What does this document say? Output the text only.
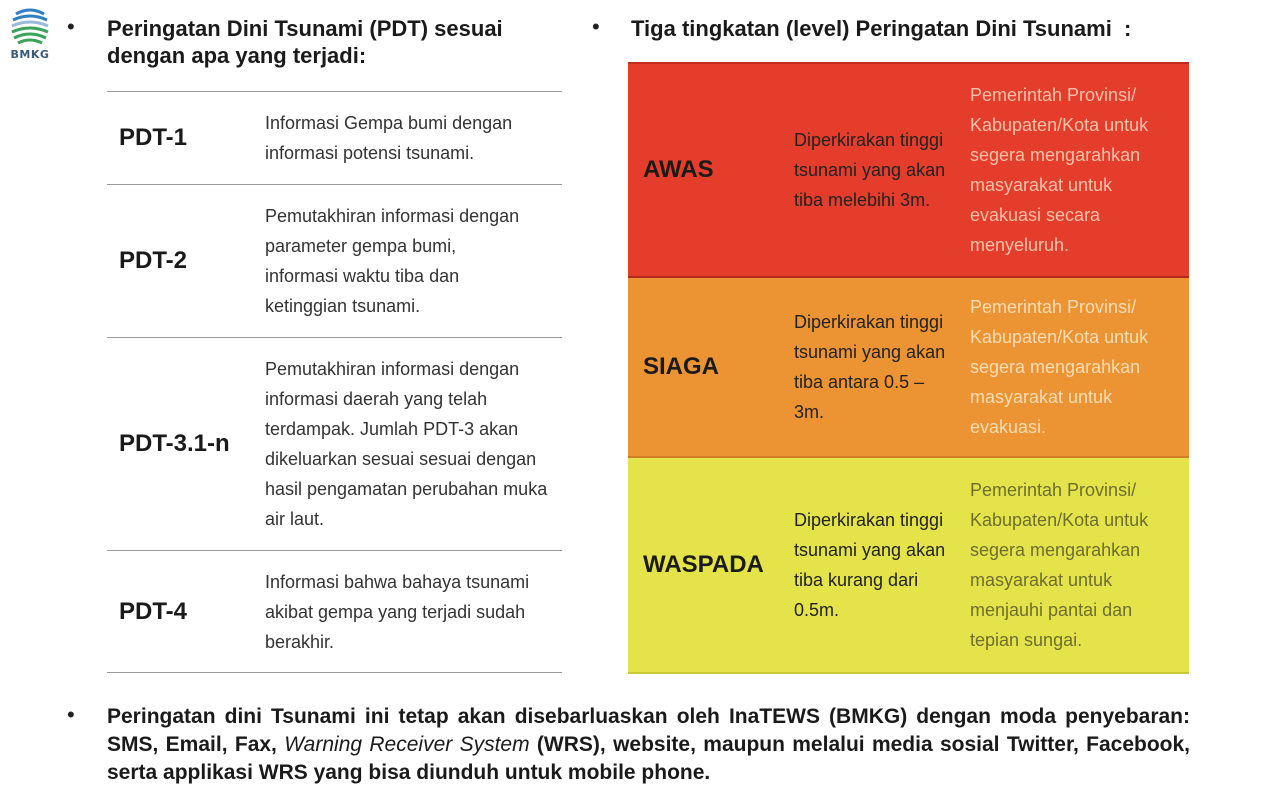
BMKG
• Peringatan Dini Tsunami (PDT) sesuai dengan apa yang terjadi:
PDT-1
Informasi Gempa bumi dengan informasi potensi tsunami.
PDT-2
Pemutakhiran informasi dengan parameter gempa bumi, informasi waktu tiba dan ketinggian tsunami.
PDT-3.1-n
Pemutakhiran informasi dengan informasi daerah yang telah terdampak. Jumlah PDT-3 akan dikeluarkan sesuai sesuai dengan hasil pengamatan perubahan muka air laut.
PDT-4
Informasi bahwa bahaya tsunami akibat gempa yang terjadi sudah berakhir.
• Tiga tingkatan (level) Peringatan Dini Tsunami  :
AWAS
Diperkirakan tinggi tsunami yang akan tiba melebihi 3m.
Pemerintah Provinsi/ Kabupaten/Kota untuk segera mengarahkan masyarakat untuk evakuasi secara menyeluruh.
SIAGA
Diperkirakan tinggi tsunami yang akan tiba antara 0.5 – 3m.
Pemerintah Provinsi/ Kabupaten/Kota untuk segera mengarahkan masyarakat untuk evakuasi.
WASPADA
Diperkirakan tinggi tsunami yang akan tiba kurang dari 0.5m.
Pemerintah Provinsi/ Kabupaten/Kota untuk segera mengarahkan masyarakat untuk menjauhi pantai dan tepian sungai.
• Peringatan dini Tsunami ini tetap akan disebarluaskan oleh InaTEWS (BMKG) dengan moda penyebaran: SMS, Email, Fax, Warning Receiver System (WRS), website, maupun melalui media sosial Twitter, Facebook, serta applikasi WRS yang bisa diunduh untuk mobile phone.
